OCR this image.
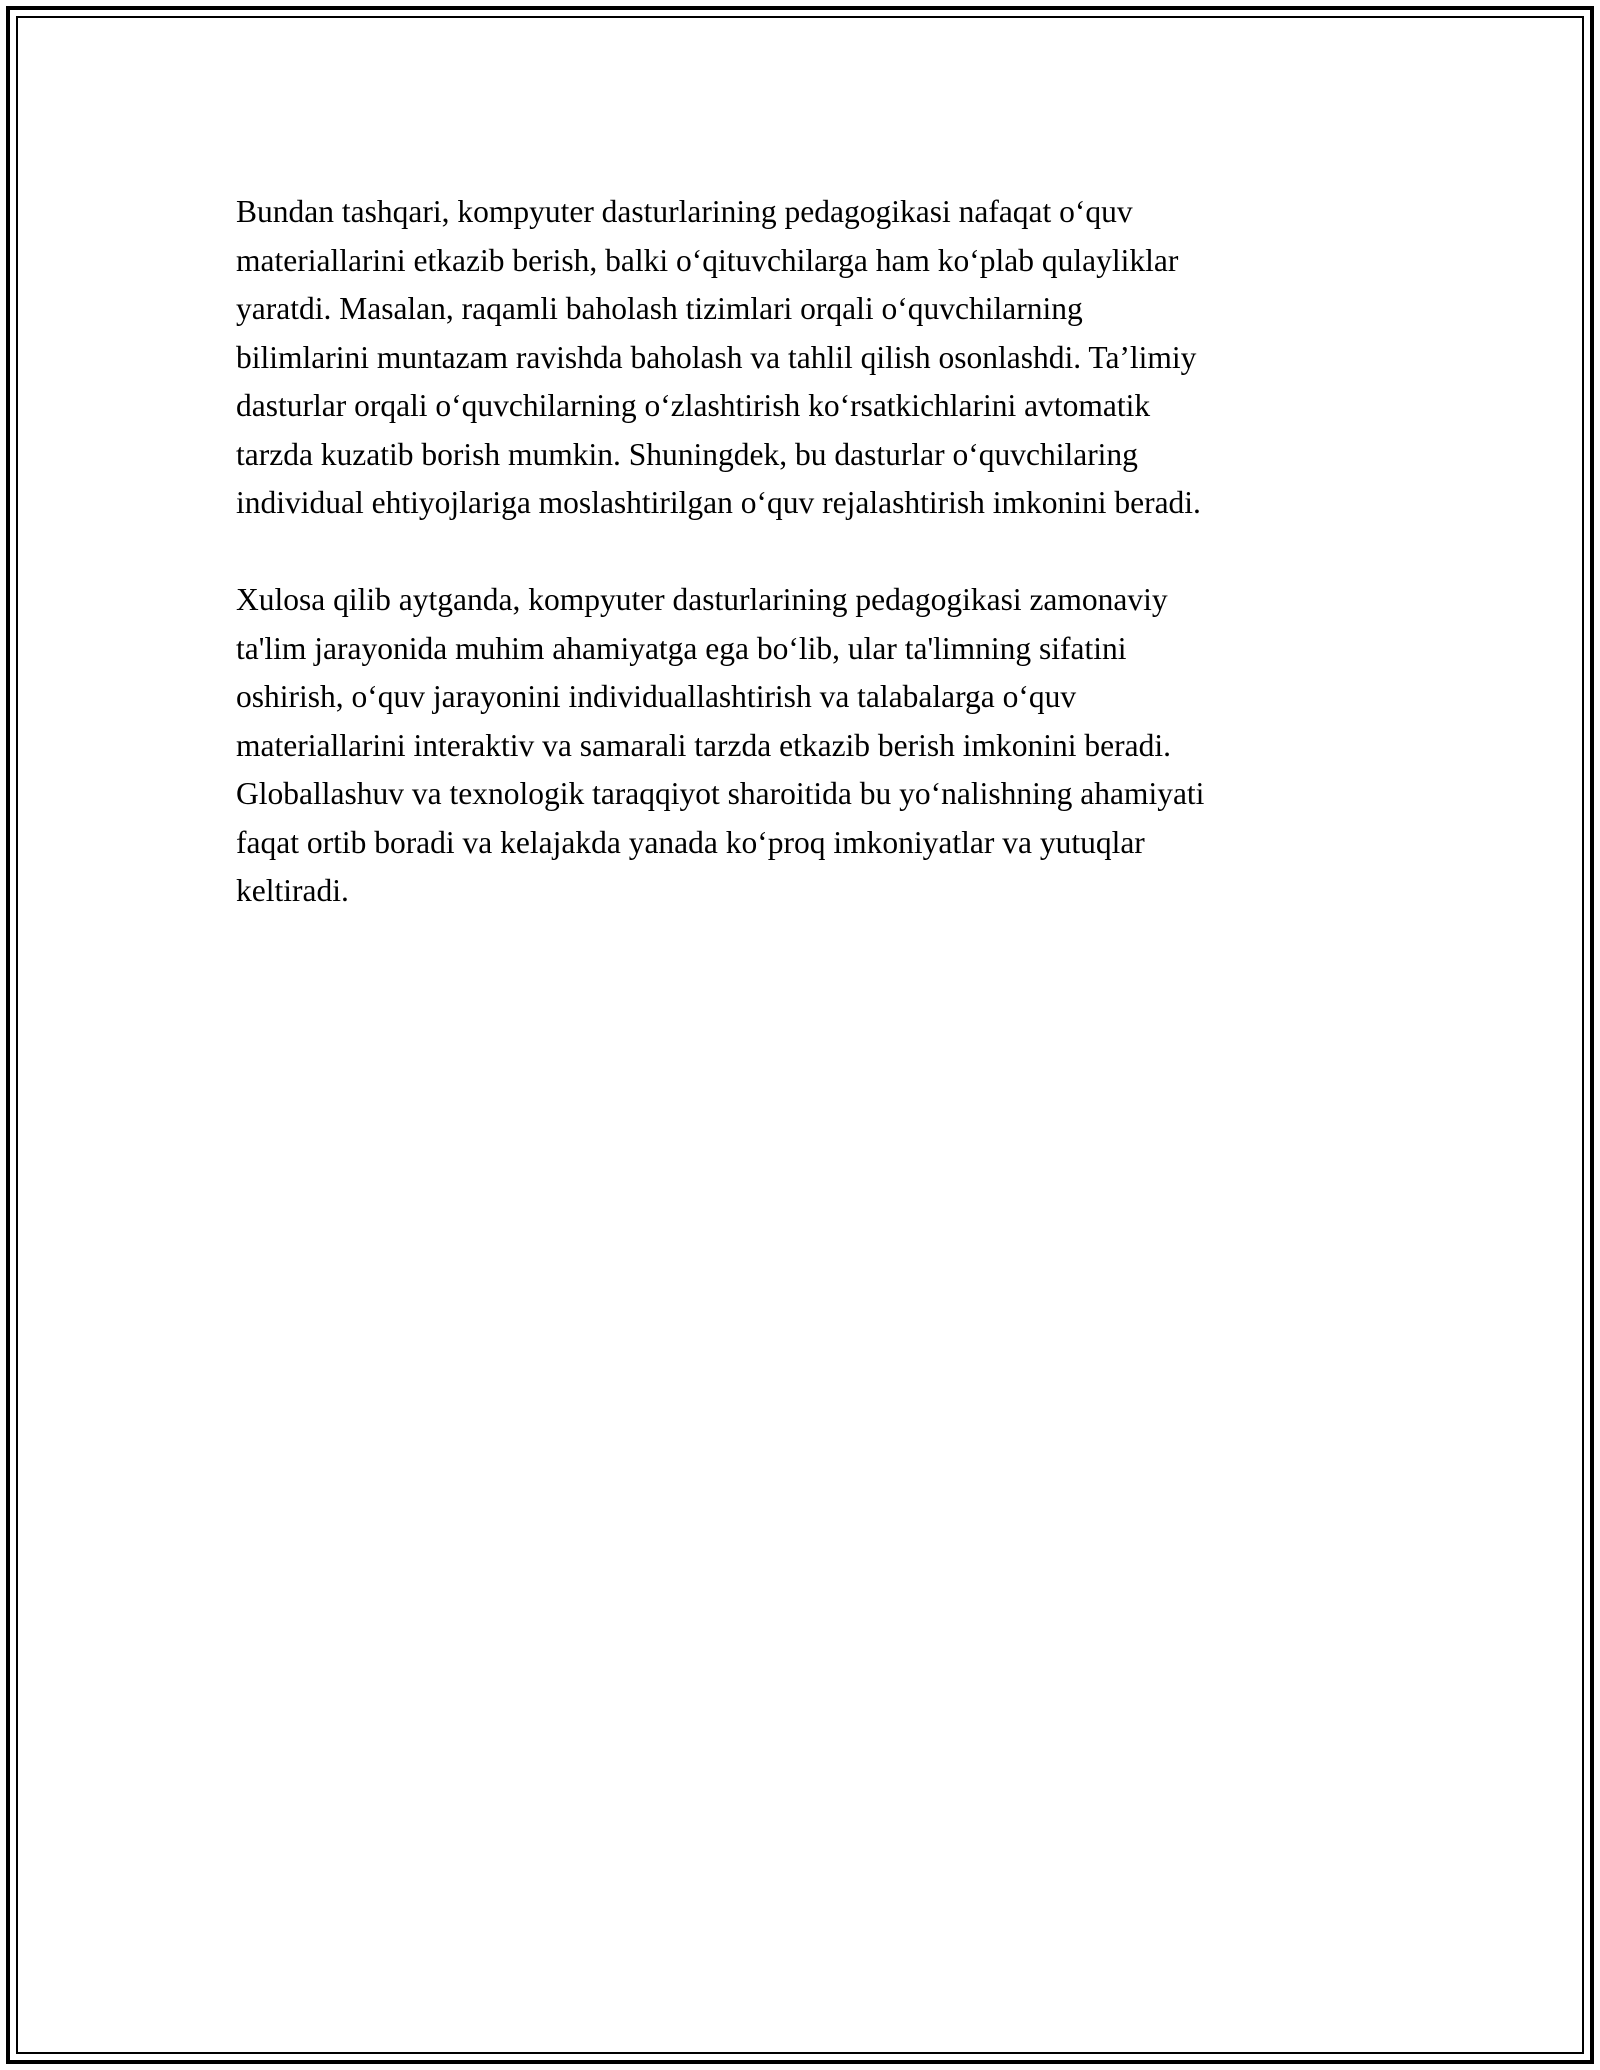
Bundan tashqari, kompyuter dasturlarining pedagogikasi nafaqat o‘quv
materiallarini etkazib berish, balki o‘qituvchilarga ham ko‘plab qulayliklar
yaratdi. Masalan, raqamli baholash tizimlari orqali o‘quvchilarning
bilimlarini muntazam ravishda baholash va tahlil qilish osonlashdi. Ta’limiy
dasturlar orqali o‘quvchilarning o‘zlashtirish ko‘rsatkichlarini avtomatik
tarzda kuzatib borish mumkin. Shuningdek, bu dasturlar o‘quvchilaring
individual ehtiyojlariga moslashtirilgan o‘quv rejalashtirish imkonini beradi.

Xulosa qilib aytganda, kompyuter dasturlarining pedagogikasi zamonaviy
ta'lim jarayonida muhim ahamiyatga ega bo‘lib, ular ta'limning sifatini
oshirish, o‘quv jarayonini individuallashtirish va talabalarga o‘quv
materiallarini interaktiv va samarali tarzda etkazib berish imkonini beradi.
Globallashuv va texnologik taraqqiyot sharoitida bu yo‘nalishning ahamiyati
faqat ortib boradi va kelajakda yanada ko‘proq imkoniyatlar va yutuqlar
keltiradi.
